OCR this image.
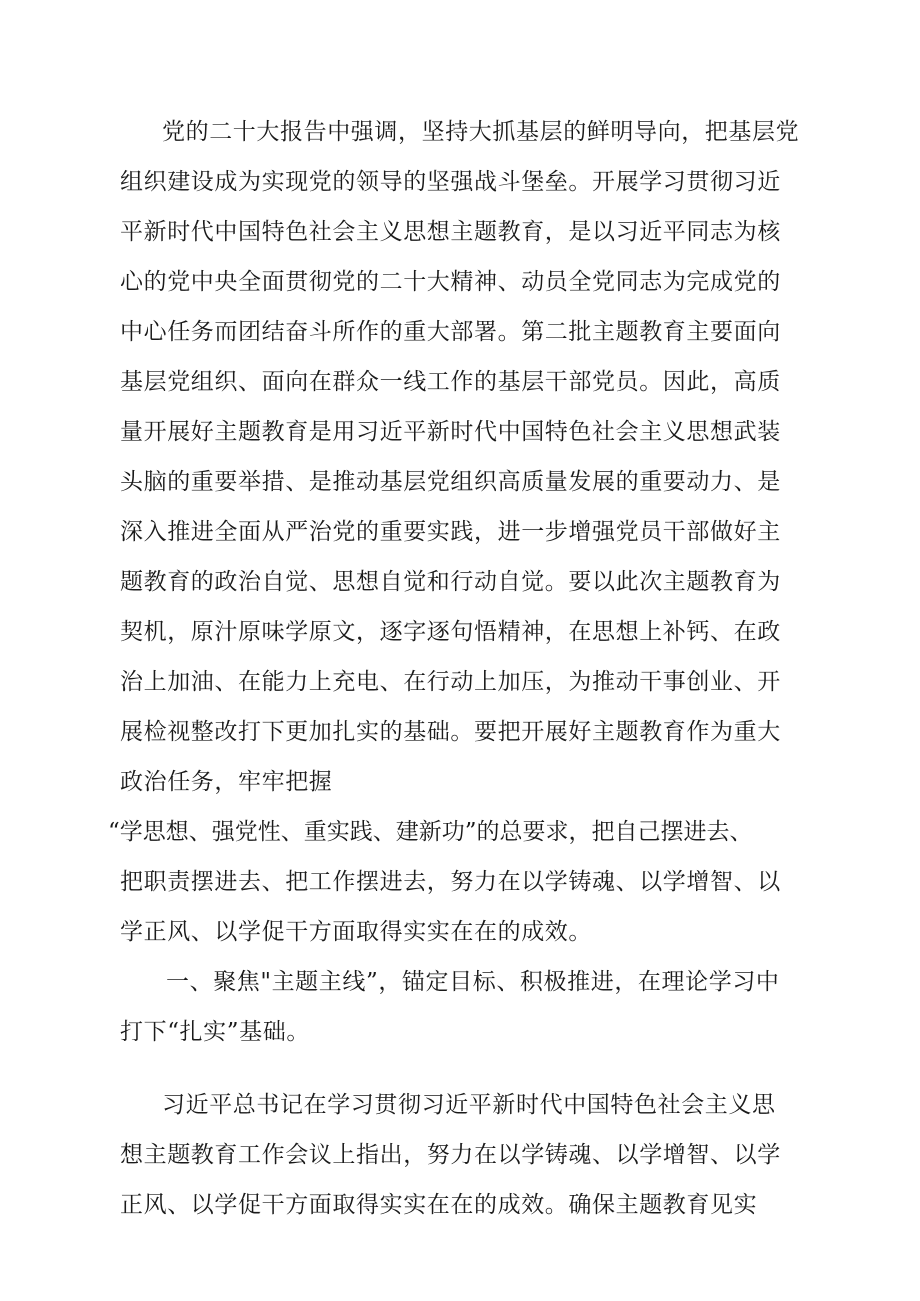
党的二十大报告中强调，坚持大抓基层的鲜明导向，把基层党
组织建设成为实现党的领导的坚强战斗堡垒。开展学习贯彻习近
平新时代中国特色社会主义思想主题教育，是以习近平同志为核
心的党中央全面贯彻党的二十大精神、动员全党同志为完成党的
中心任务而团结奋斗所作的重大部署。第二批主题教育主要面向
基层党组织、面向在群众一线工作的基层干部党员。因此，高质
量开展好主题教育是用习近平新时代中国特色社会主义思想武装
头脑的重要举措、是推动基层党组织高质量发展的重要动力、是
深入推进全面从严治党的重要实践，进一步增强党员干部做好主
题教育的政治自觉、思想自觉和行动自觉。要以此次主题教育为
契机，原汁原味学原文，逐字逐句悟精神，在思想上补钙、在政
治上加油、在能力上充电、在行动上加压，为推动干事创业、开
展检视整改打下更加扎实的基础。要把开展好主题教育作为重大
政治任务，牢牢把握
“学思想、强党性、重实践、建新功”的总要求，把自己摆进去、
把职责摆进去、把工作摆进去，努力在以学铸魂、以学增智、以
学正风、以学促干方面取得实实在在的成效。
一、聚焦"主题主线”，锚定目标、积极推进，在理论学习中
打下“扎实”基础。
习近平总书记在学习贯彻习近平新时代中国特色社会主义思
想主题教育工作会议上指出，努力在以学铸魂、以学增智、以学
正风、以学促干方面取得实实在在的成效。确保主题教育见实
